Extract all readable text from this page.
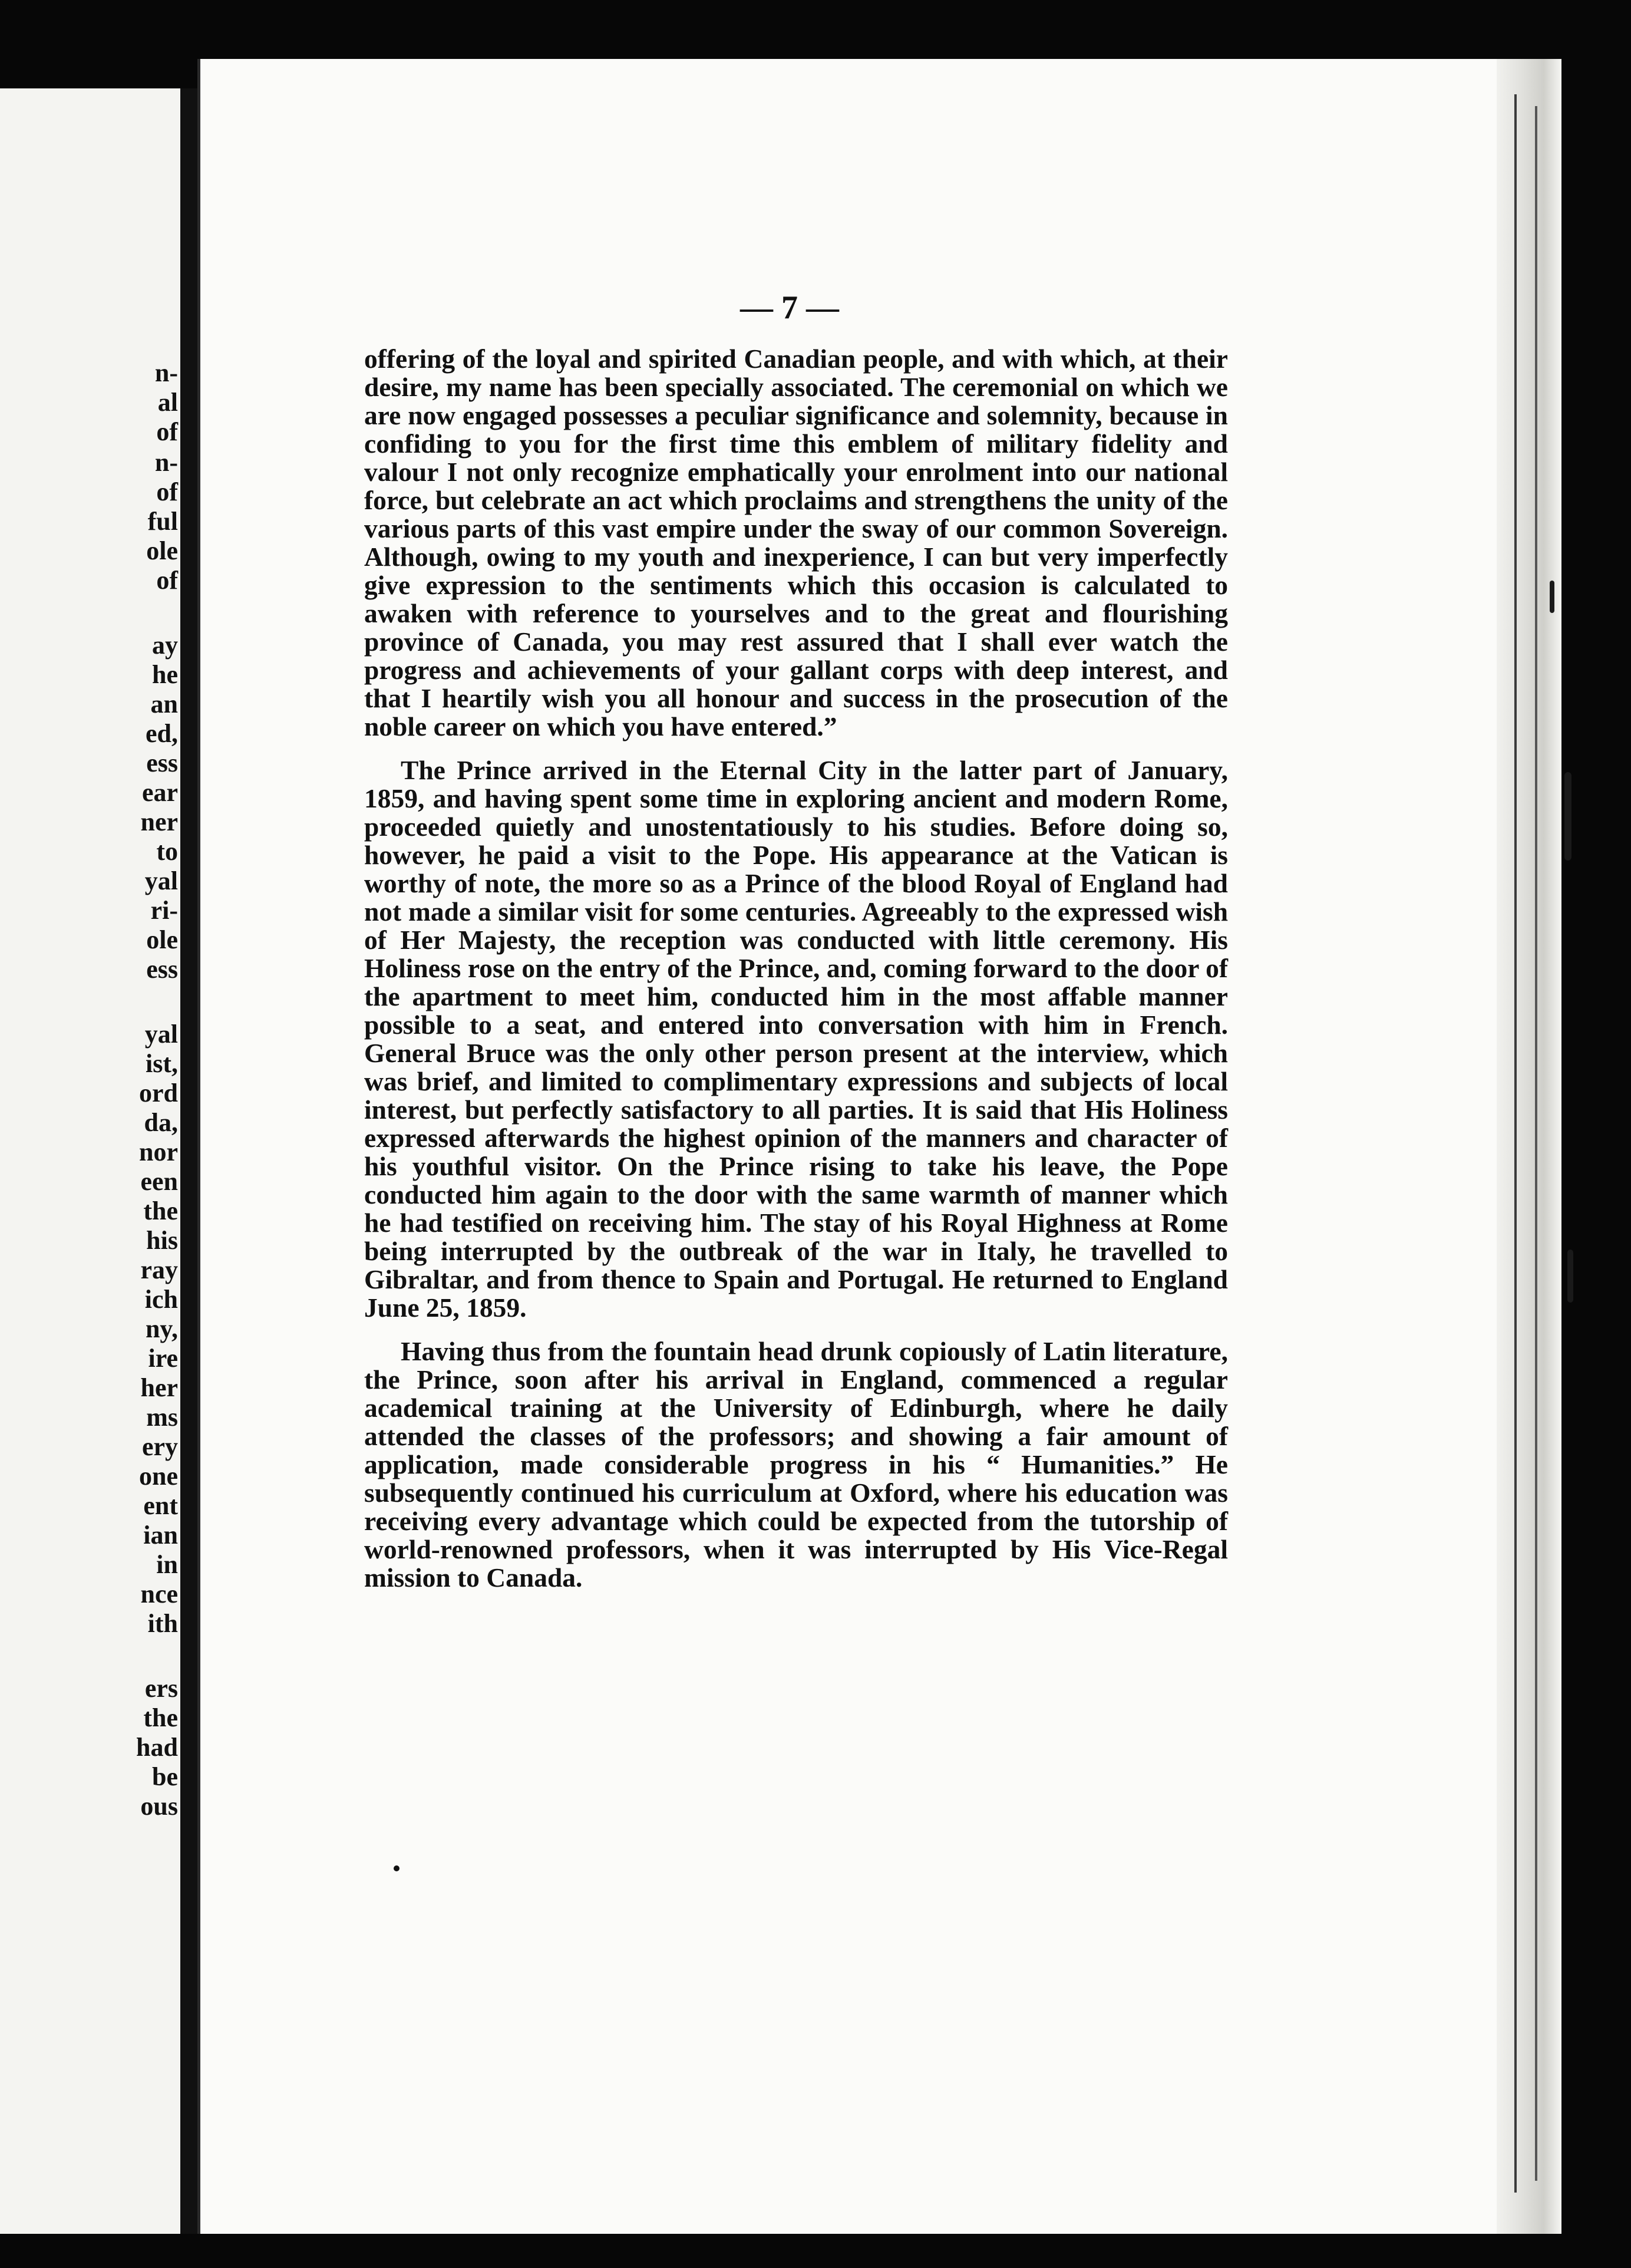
n-
al
of
n-
of
ful
ole
of
ay
he
an
ed,
ess
ear
ner
to
yal
ri-
ole
ess
yal
ist,
ord
da,
nor
een
the
his
ray
ich
ny,
ire
her
ms
ery
one
ent
ian
in
nce
ith
ers
the
had
be
ous
— 7 —

offering of the loyal and spirited Canadian people, and with which, at their desire, my name has been specially associated. The ceremonial on which we are now engaged possesses a peculiar significance and solemnity, because in confiding to you for the first time this emblem of military fidelity and valour I not only recognize emphatically your enrolment into our national force, but celebrate an act which proclaims and strengthens the unity of the various parts of this vast empire under the sway of our common Sovereign. Although, owing to my youth and inexperience, I can but very imperfectly give expression to the sentiments which this occasion is calculated to awaken with reference to yourselves and to the great and flourishing province of Canada, you may rest assured that I shall ever watch the progress and achievements of your gallant corps with deep interest, and that I heartily wish you all honour and success in the prosecution of the noble career on which you have entered.”

The Prince arrived in the Eternal City in the latter part of January, 1859, and having spent some time in exploring ancient and modern Rome, proceeded quietly and unostentatiously to his studies. Before doing so, however, he paid a visit to the Pope. His appearance at the Vatican is worthy of note, the more so as a Prince of the blood Royal of England had not made a similar visit for some centuries. Agreeably to the expressed wish of Her Majesty, the reception was conducted with little ceremony. His Holiness rose on the entry of the Prince, and, coming forward to the door of the apartment to meet him, conducted him in the most affable manner possible to a seat, and entered into conversation with him in French. General Bruce was the only other person present at the interview, which was brief, and limited to complimentary expressions and subjects of local interest, but perfectly satisfactory to all parties. It is said that His Holiness expressed afterwards the highest opinion of the manners and character of his youthful visitor. On the Prince rising to take his leave, the Pope conducted him again to the door with the same warmth of manner which he had testified on receiving him. The stay of his Royal Highness at Rome being interrupted by the outbreak of the war in Italy, he travelled to Gibraltar, and from thence to Spain and Portugal. He returned to England June 25, 1859.

Having thus from the fountain head drunk copiously of Latin literature, the Prince, soon after his arrival in England, commenced a regular academical training at the University of Edinburgh, where he daily attended the classes of the professors; and showing a fair amount of application, made considerable progress in his “ Humanities.” He subsequently continued his curriculum at Oxford, where his education was receiving every advantage which could be expected from the tutorship of world-renowned professors, when it was interrupted by His Vice-Regal mission to Canada.
